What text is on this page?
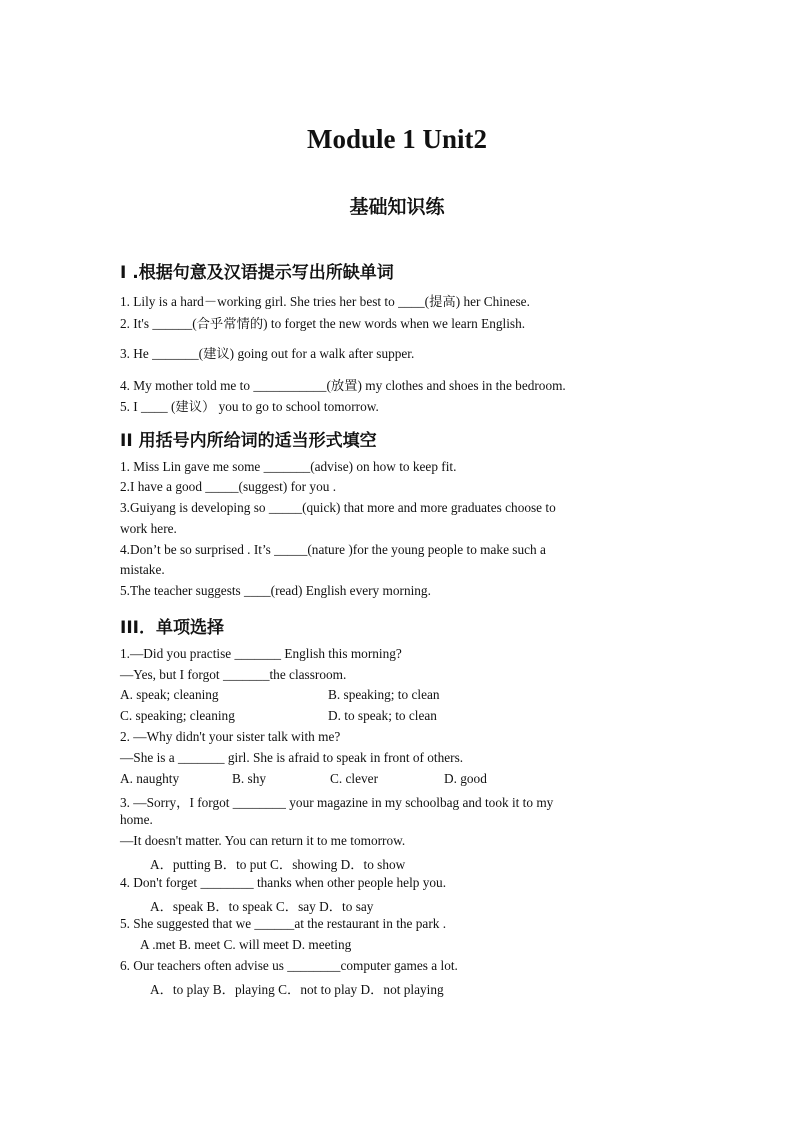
Module 1 Unit2
基础知识练
I .根据句意及汉语提示写出所缺单词
1. Lily is a hard－working girl. She tries her best to ____(提高) her Chinese.
2. It's ______(合乎常情的) to forget the new words when we learn English.
3. He _______(建议) going out for a walk after supper.
4. My mother told me to ___________(放置) my clothes and shoes in the bedroom.
5. I ____ (建议） you to go to school tomorrow.
II 用括号内所给词的适当形式填空
1. Miss Lin gave me some _______(advise) on how to keep fit.
2.I have a good _____(suggest) for you .
3.Guiyang is developing so _____(quick) that more and more graduates choose to
work here.
4.Don’t be so surprised . It’s _____(nature )for the young people to make such a
mistake.
5.The teacher suggests ____(read) English every morning.
III．单项选择
1.—Did you practise _______ English this morning?
—Yes, but I forgot _______the classroom.
A. speak; cleaning	B. speaking; to clean
C. speaking; cleaning	D. to speak; to clean
2. —Why didn't your sister talk with me?
—She is a _______ girl. She is afraid to speak in front of others.
A. naughty	B. shy	C. clever	D. good
3. —Sorry，I forgot ________ your magazine in my schoolbag and took it to my
home.
—It doesn't matter. You can return it to me tomorrow.
A．putting B．to put C．showing D．to show
4. Don't forget ________ thanks when other people help you.
A．speak B．to speak C．say D．to say
5. She suggested that we ______at the restaurant in the park .
A .met B. meet C. will meet D. meeting
6. Our teachers often advise us ________computer games a lot.
A．to play B．playing C．not to play D．not playing
